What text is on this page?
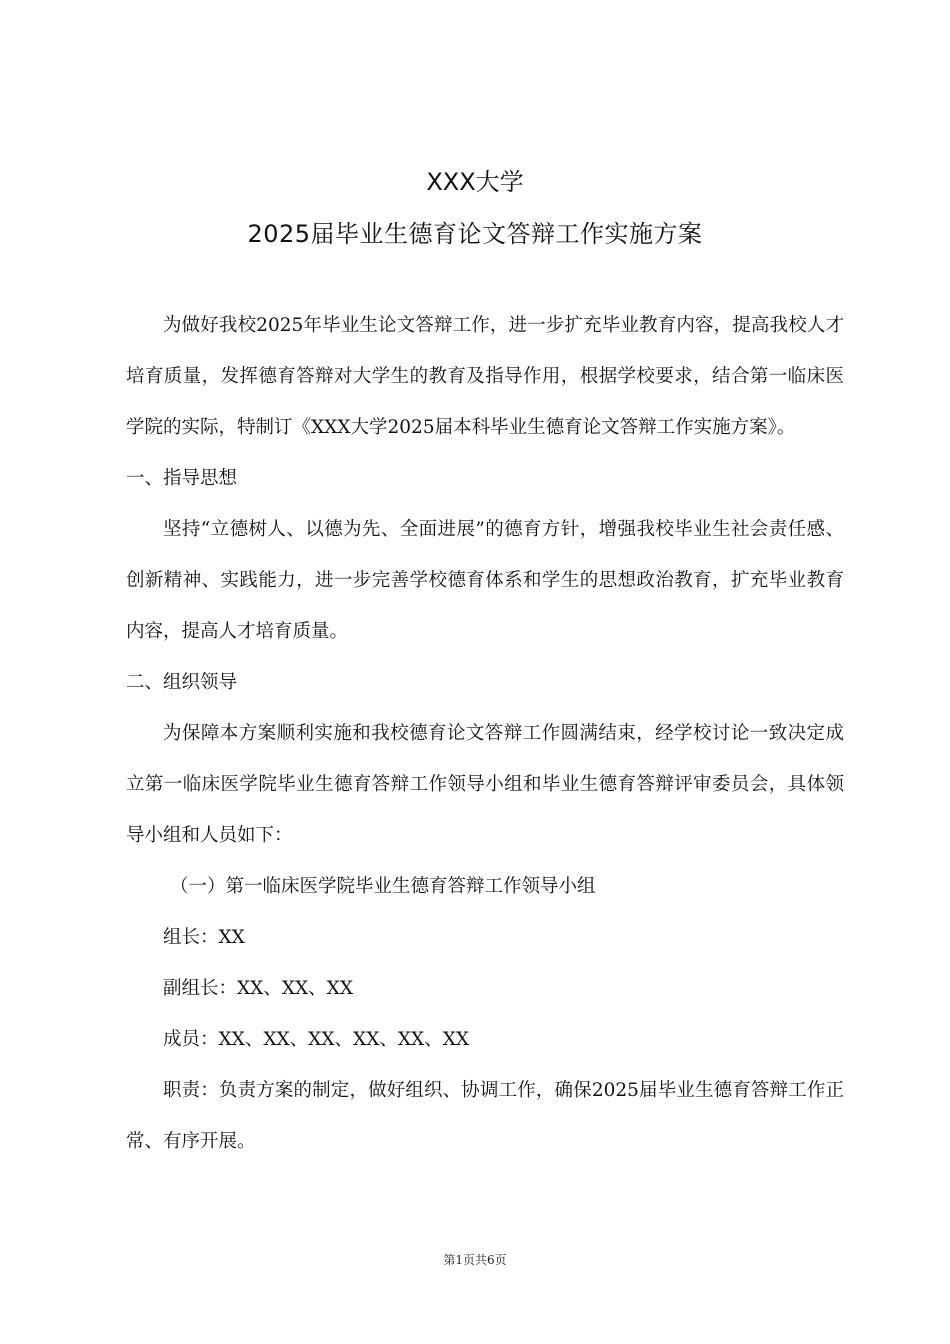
XXX大学
2025届毕业生德育论文答辩工作实施方案

为做好我校2025年毕业生论文答辩工作，进一步扩充毕业教育内容，提高我校人才培育质量，发挥德育答辩对大学生的教育及指导作用，根据学校要求，结合第一临床医学院的实际，特制订《XXX大学2025届本科毕业生德育论文答辩工作实施方案》。

一、指导思想

坚持“立德树人、以德为先、全面进展”的德育方针，增强我校毕业生社会责任感、创新精神、实践能力，进一步完善学校德育体系和学生的思想政治教育，扩充毕业教育内容，提高人才培育质量。

二、组织领导

为保障本方案顺利实施和我校德育论文答辩工作圆满结束，经学校讨论一致决定成立第一临床医学院毕业生德育答辩工作领导小组和毕业生德育答辩评审委员会，具体领导小组和人员如下：

（一）第一临床医学院毕业生德育答辩工作领导小组

组长：XX

副组长：XX、XX、XX

成员：XX、XX、XX、XX、XX、XX

职责：负责方案的制定，做好组织、协调工作，确保2025届毕业生德育答辩工作正常、有序开展。

第1页共6页
